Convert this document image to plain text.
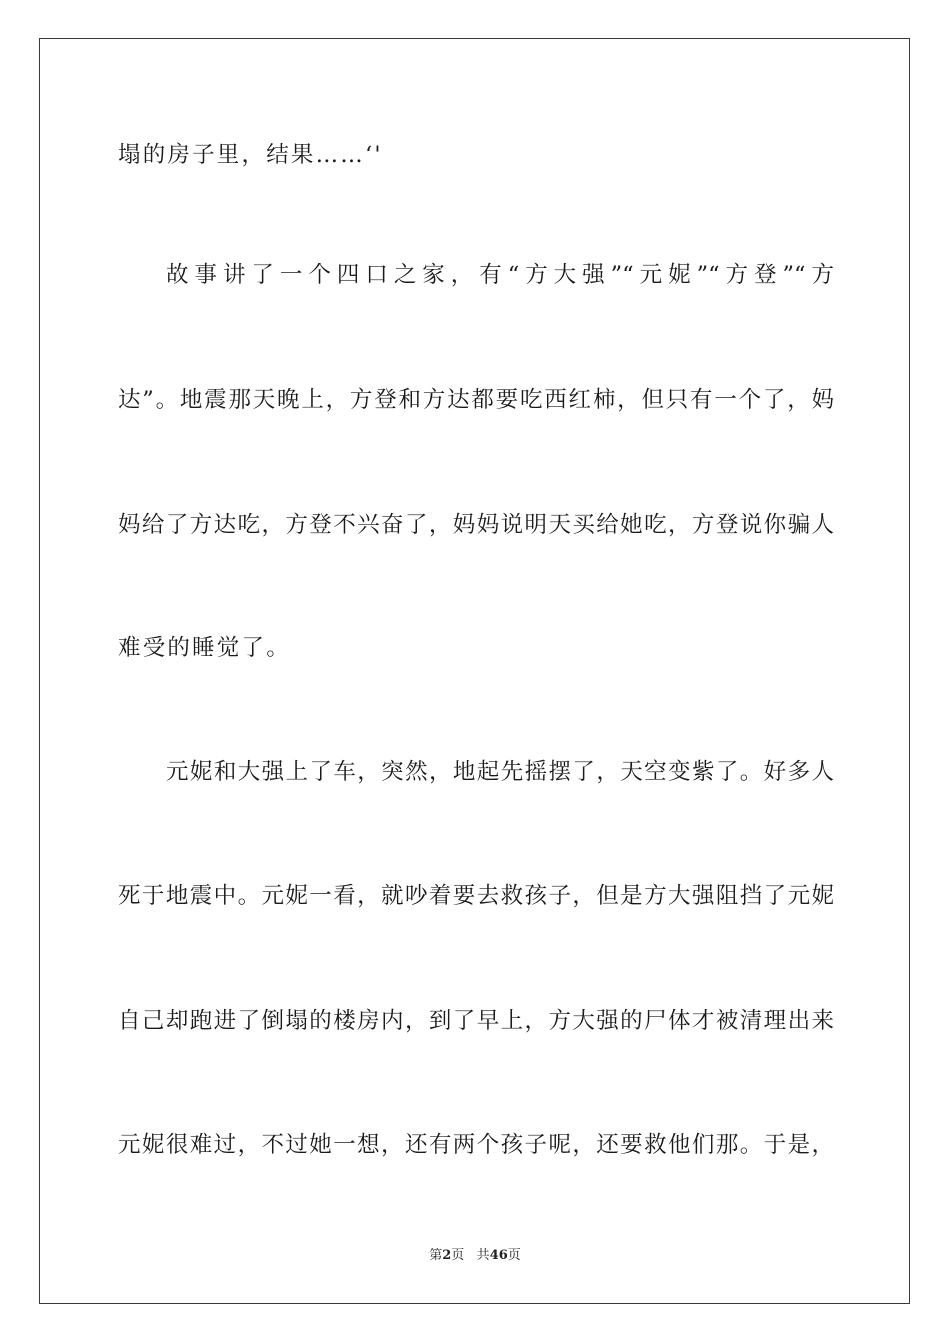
塌的房子里，结果……‘'
故事讲了一个四口之家，有“方大强”“元妮”“方登”“方
达”。地震那天晚上，方登和方达都要吃西红柿，但只有一个了，妈
妈给了方达吃，方登不兴奋了，妈妈说明天买给她吃，方登说你骗人
难受的睡觉了。
元妮和大强上了车，突然，地起先摇摆了，天空变紫了。好多人
死于地震中。元妮一看，就吵着要去救孩子，但是方大强阻挡了元妮
自己却跑进了倒塌的楼房内，到了早上，方大强的尸体才被清理出来
元妮很难过，不过她一想，还有两个孩子呢，还要救他们那。于是，
第2页 共46页
